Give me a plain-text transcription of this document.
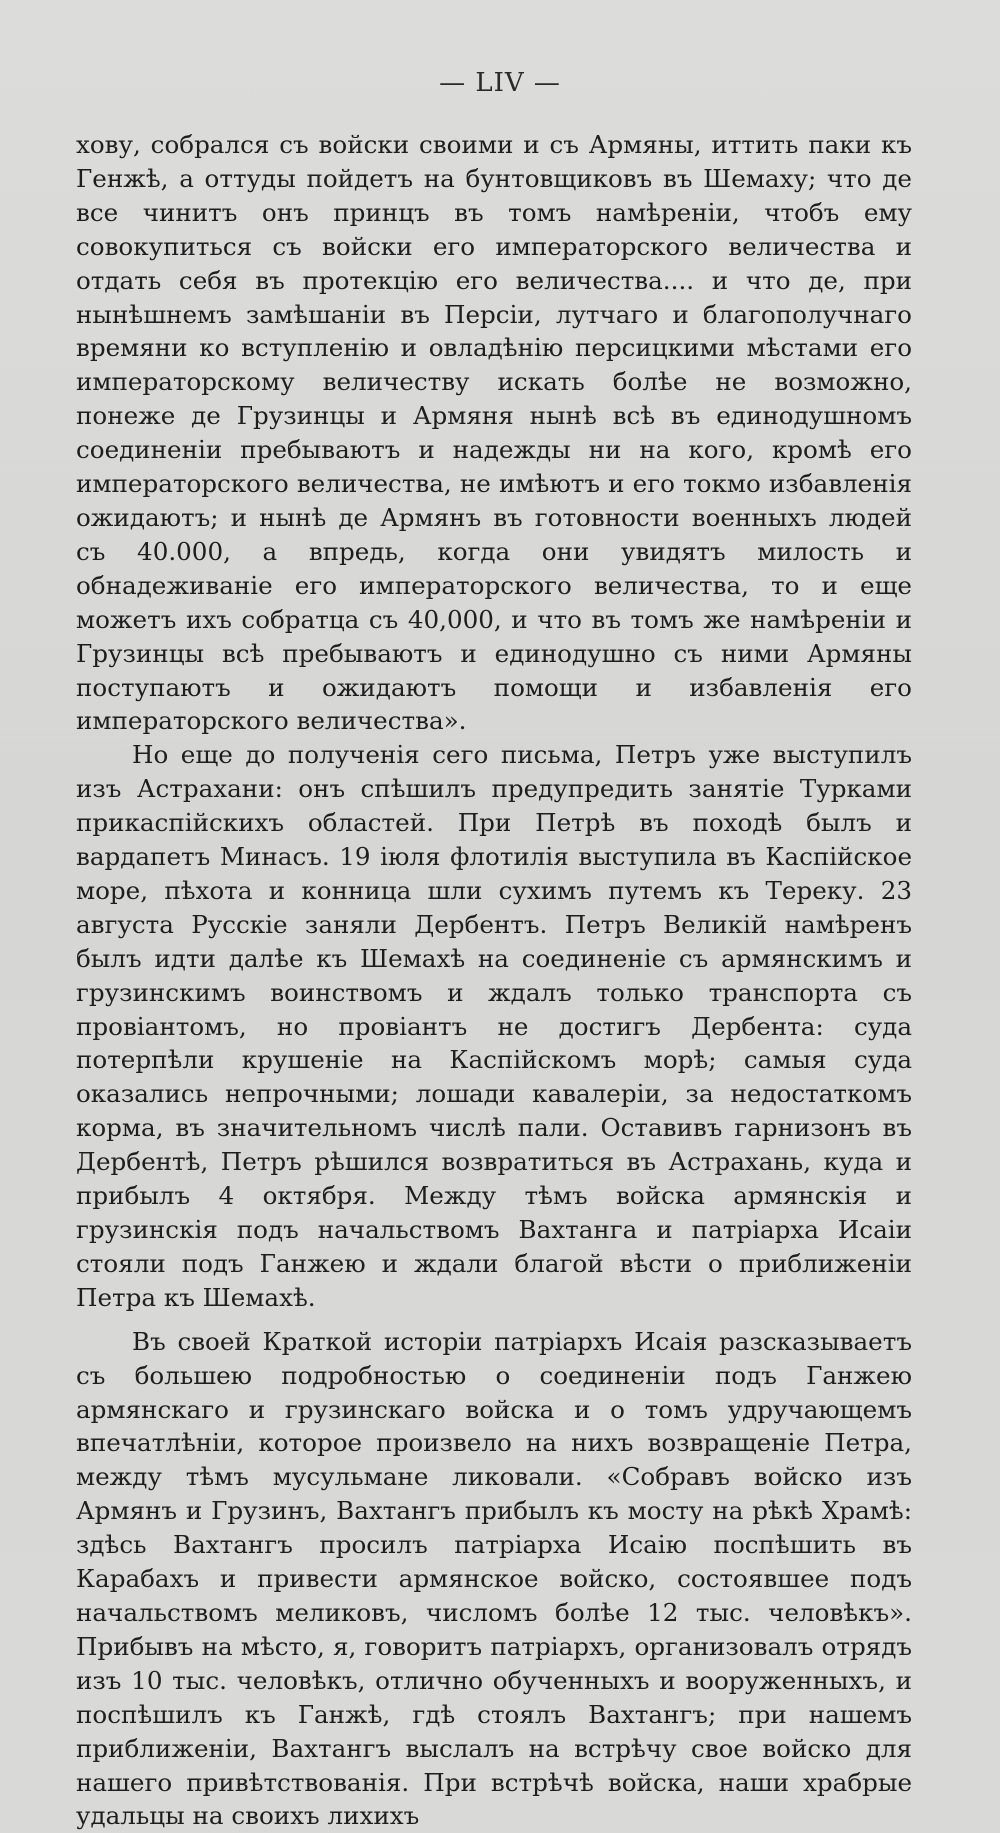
— LIV —

хову, собрался съ войски своими и съ Армяны, иттить паки къ Генжѣ, а оттуды пойдетъ на бунтовщиковъ въ Шемаху; что де все чинитъ онъ принцъ въ томъ намѣреніи, чтобъ ему совокупиться съ войски его императорского величества и отдать себя въ протекцію его величества.... и что де, при нынѣшнемъ замѣшаніи въ Персіи, лутчаго и благополучнаго времяни ко вступленію и овладѣнію персицкими мѣстами его императорскому величеству искать болѣе не возможно, понеже де Грузинцы и Армяня нынѣ всѣ въ единодушномъ соединеніи пребываютъ и надежды ни на кого, кромѣ его императорского величества, не имѣютъ и его токмо избавленія ожидаютъ; и нынѣ де Армянъ въ готовности военныхъ людей съ 40.000, а впредь, когда они увидятъ милость и обнадеживаніе его императорского величества, то и еще можетъ ихъ собратца съ 40,000, и что въ томъ же намѣреніи и Грузинцы всѣ пребываютъ и единодушно съ ними Армяны поступаютъ и ожидаютъ помощи и избавленія его императорского величества».

Но еще до полученія сего письма, Петръ уже выступилъ изъ Астрахани: онъ спѣшилъ предупредить занятіе Турками прикаспійскихъ областей. При Петрѣ въ походѣ былъ и вардапетъ Минасъ. 19 іюля флотилія выступила въ Каспійское море, пѣхота и конница шли сухимъ путемъ къ Тереку. 23 августа Русскіе заняли Дербентъ. Петръ Великій намѣренъ былъ идти далѣе къ Шемахѣ на соединеніе съ армянскимъ и грузинскимъ воинствомъ и ждалъ только транспорта съ провіантомъ, но провіантъ не достигъ Дербента: суда потерпѣли крушеніе на Каспійскомъ морѣ; самыя суда оказались непрочными; лошади кавалеріи, за недостаткомъ корма, въ значительномъ числѣ пали. Оставивъ гарнизонъ въ Дербентѣ, Петръ рѣшился возвратиться въ Астрахань, куда и прибылъ 4 октября. Между тѣмъ войска армянскія и грузинскія подъ начальствомъ Вахтанга и патріарха Исаіи стояли подъ Ганжею и ждали благой вѣсти о приближеніи Петра къ Шемахѣ.

Въ своей Краткой исторіи патріархъ Исаія разсказываетъ съ большею подробностью о соединеніи подъ Ганжею армянскаго и грузинскаго войска и о томъ удручающемъ впечатлѣніи, которое произвело на нихъ возвращеніе Петра, между тѣмъ мусульмане ликовали. «Собравъ войско изъ Армянъ и Грузинъ, Вахтангъ прибылъ къ мосту на рѣкѣ Храмѣ: здѣсь Вахтангъ просилъ патріарха Исаію поспѣшить въ Карабахъ и привести армянское войско, состоявшее подъ начальствомъ меликовъ, числомъ болѣе 12 тыс. человѣкъ». Прибывъ на мѣсто, я, говоритъ патріархъ, организовалъ отрядъ изъ 10 тыс. человѣкъ, отлично обученныхъ и вооруженныхъ, и поспѣшилъ къ Ганжѣ, гдѣ стоялъ Вахтангъ; при нашемъ приближеніи, Вахтангъ выслалъ на встрѣчу свое войско для нашего привѣтствованія. При встрѣчѣ войска, наши храбрые удальцы на своихъ лихихъ
